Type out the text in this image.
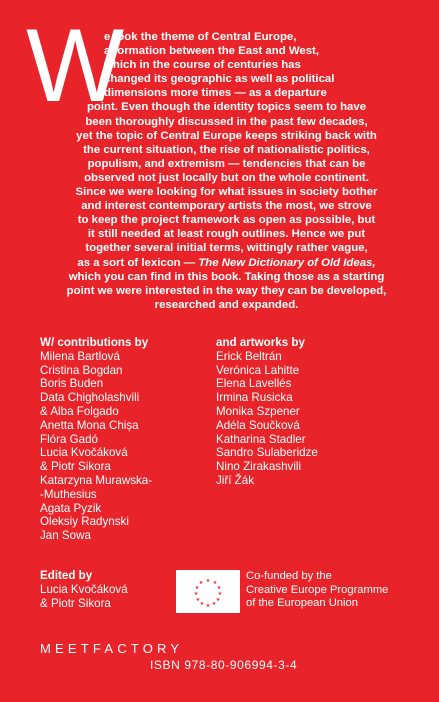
W
e took the theme of Central Europe,
a formation between the East and West,
which in the course of centuries has
changed its geographic as well as political
dimensions more times — as a departure
point. Even though the identity topics seem to have
been thoroughly discussed in the past few decades,
yet the topic of Central Europe keeps striking back with
the current situation, the rise of nationalistic politics,
populism, and extremism — tendencies that can be
observed not just locally but on the whole continent.
Since we were looking for what issues in society bother
and interest contemporary artists the most, we strove
to keep the project framework as open as possible, but
it still needed at least rough outlines. Hence we put
together several initial terms, wittingly rather vague,
as a sort of lexicon — The New Dictionary of Old Ideas,
which you can find in this book. Taking those as a starting
point we were interested in the way they can be developed,
researched and expanded.
W/ contributions by
Milena Bartlová
Cristina Bogdan
Boris Buden
Data Chigholashvili
& Alba Folgado
Anetta Mona Chișa
Flóra Gadó
Lucia Kvočáková
& Piotr Sikora
Katarzyna Murawska-
-Muthesius
Agata Pyzik
Oleksiy Radynski
Jan Sowa
and artworks by
Erick Beltrán
Verónica Lahitte
Elena Lavellés
Irmina Rusicka
Monika Szpener
Adéla Součková
Katharina Stadler
Sandro Sulaberidze
Nino Zirakashvili
Jiří Žák
Edited by
Lucia Kvočáková
& Piotr Sikora
★ ★
★
★
★
★
★
★
★
★
★
★
Co-funded by the
Creative Europe Programme
of the European Union
MEETFACTORY
ISBN 978-80-906994-3-4
